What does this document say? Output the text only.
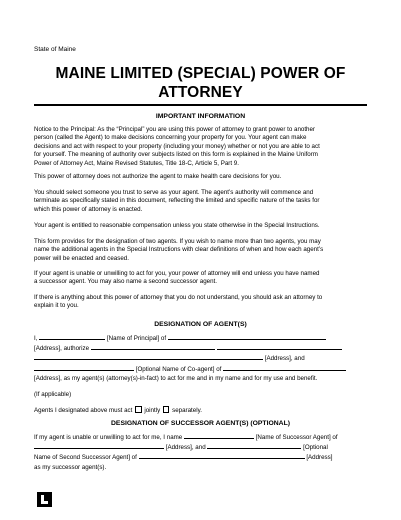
State of Maine
MAINE LIMITED (SPECIAL) POWER OF
ATTORNEY
IMPORTANT INFORMATION

Notice to the Principal: As the “Principal” you are using this power of attorney to grant power to another
person (called the Agent) to make decisions concerning your property for you. Your agent can make
decisions and act with respect to your property (including your money) whether or not you are able to act
for yourself. The meaning of authority over subjects listed on this form is explained in the Maine Uniform
Power of Attorney Act, Maine Revised Statutes, Title 18-C, Article 5, Part 9.

This power of attorney does not authorize the agent to make health care decisions for you.
You should select someone you trust to serve as your agent. The agent’s authority will commence and
terminate as specifically stated in this document, reflecting the limited and specific nature of the tasks for
which this power of attorney is enacted.
Your agent is entitled to reasonable compensation unless you state otherwise in the Special Instructions.
This form provides for the designation of two agents. If you wish to name more than two agents, you may
name the additional agents in the Special Instructions with clear definitions of when and how each agent’s
power will be enacted and ceased.
If your agent is unable or unwilling to act for you, your power of attorney will end unless you have named
a successor agent. You may also name a second successor agent.
If there is anything about this power of attorney that you do not understand, you should ask an attorney to
explain it to you.
DESIGNATION OF AGENT(S)
I,	[Name of Principal] of
[Address], authorize
[Address], and
[Optional Name of Co-agent] of
[Address], as my agent(s) (attorney(s)-in-fact) to act for me and in my name and for my use and benefit.
(If applicable)
Agents I designated above must act jointly separately.
DESIGNATION OF SUCCESSOR AGENT(S) (OPTIONAL)
If my agent is unable or unwilling to act for me, I name	[Name of Successor Agent] of
[Address], and	[Optional
Name of Second Successor Agent] of	[Address]
as my successor agent(s).
